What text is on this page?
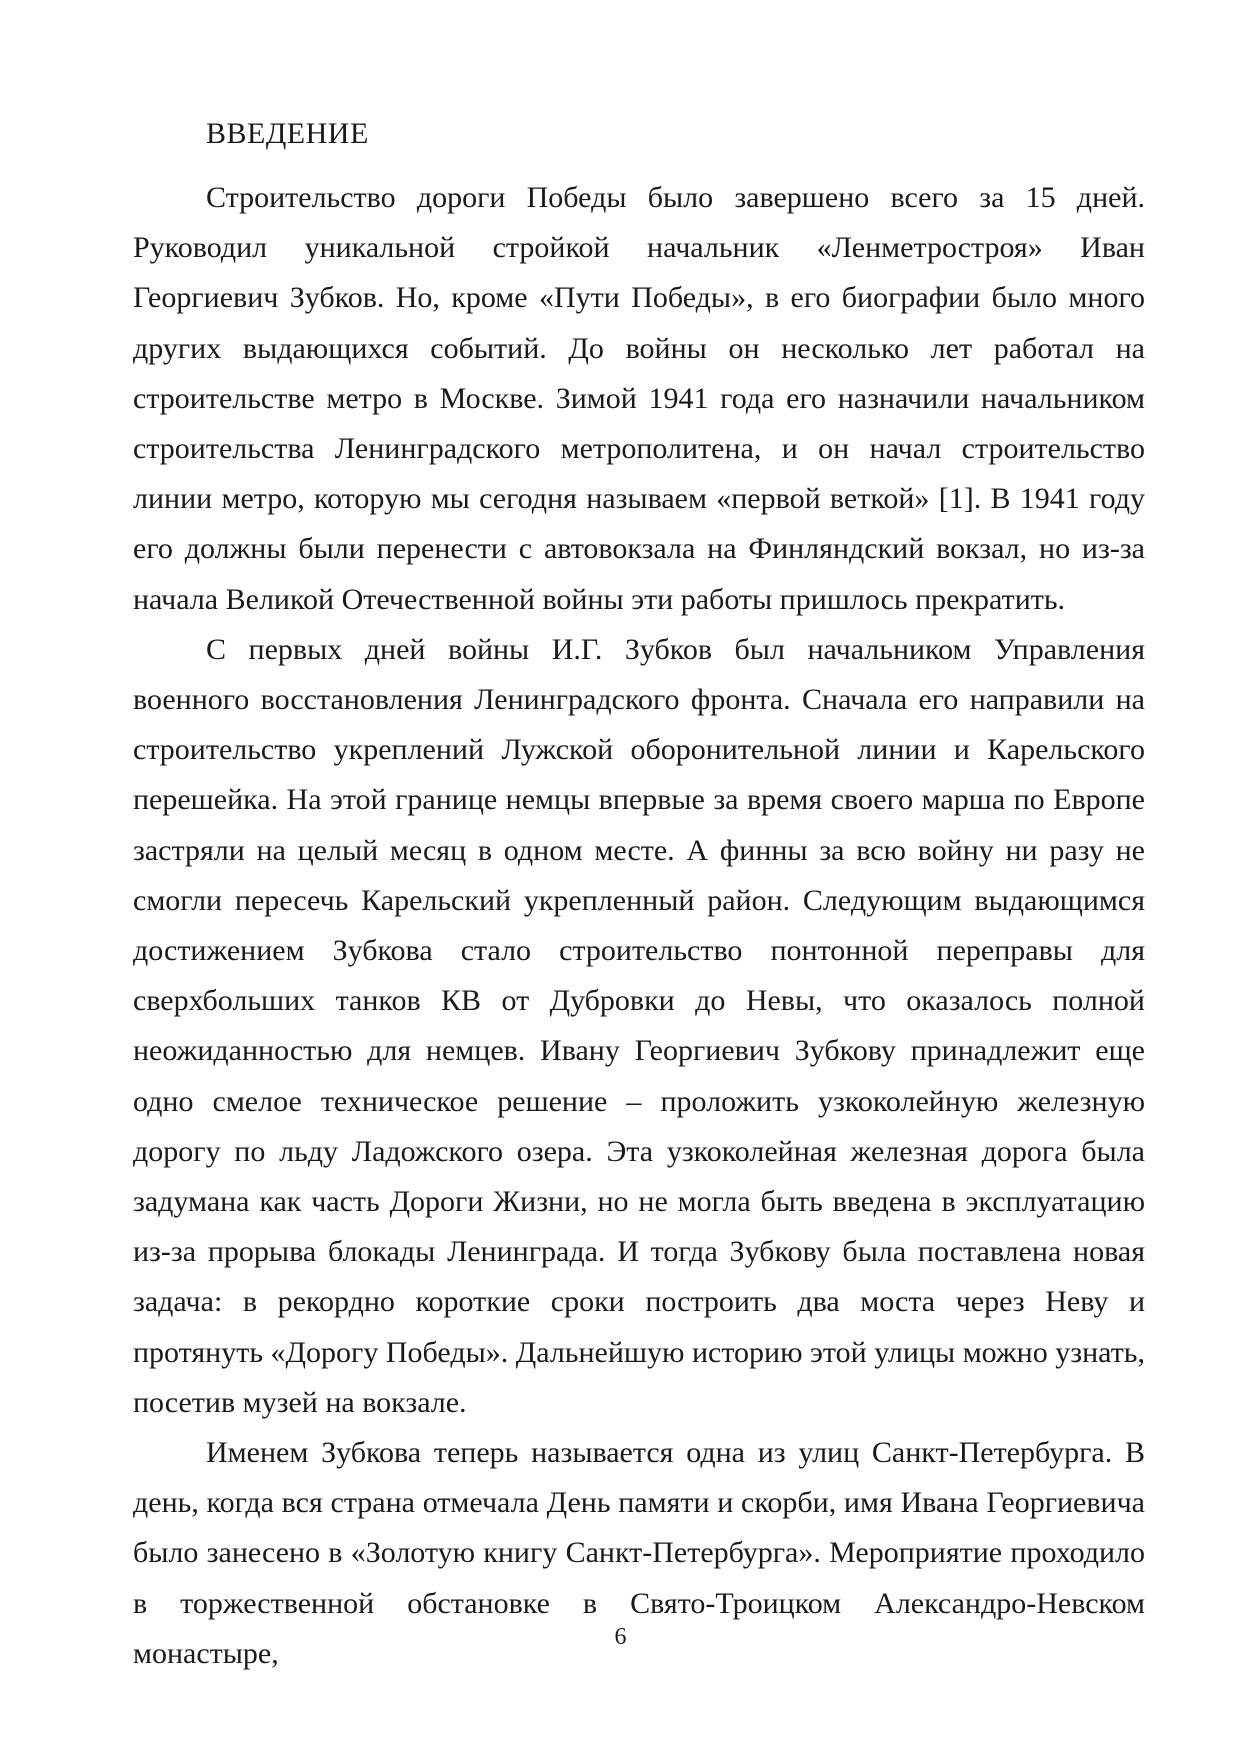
ВВЕДЕНИЕ

Строительство дороги Победы было завершено всего за 15 дней. Руководил уникальной стройкой начальник «Ленметростроя» Иван Георгиевич Зубков. Но, кроме «Пути Победы», в его биографии было много других выдающихся событий. До войны он несколько лет работал на строительстве метро в Москве. Зимой 1941 года его назначили начальником строительства Ленинградского метрополитена, и он начал строительство линии метро, которую мы сегодня называем «первой веткой» [1]. В 1941 году его должны были перенести с автовокзала на Финляндский вокзал, но из-за начала Великой Отечественной войны эти работы пришлось прекратить.

С первых дней войны И.Г. Зубков был начальником Управления военного восстановления Ленинградского фронта. Сначала его направили на строительство укреплений Лужской оборонительной линии и Карельского перешейка. На этой границе немцы впервые за время своего марша по Европе застряли на целый месяц в одном месте. А финны за всю войну ни разу не смогли пересечь Карельский укрепленный район. Следующим выдающимся достижением Зубкова стало строительство понтонной переправы для сверхбольших танков КВ от Дубровки до Невы, что оказалось полной неожиданностью для немцев. Ивану Георгиевич Зубкову принадлежит еще одно смелое техническое решение – проложить узкоколейную железную дорогу по льду Ладожского озера. Эта узкоколейная железная дорога была задумана как часть Дороги Жизни, но не могла быть введена в эксплуатацию из-за прорыва блокады Ленинграда. И тогда Зубкову была поставлена новая задача: в рекордно короткие сроки построить два моста через Неву и протянуть «Дорогу Победы». Дальнейшую историю этой улицы можно узнать, посетив музей на вокзале.

Именем Зубкова теперь называется одна из улиц Санкт-Петербурга. В день, когда вся страна отмечала День памяти и скорби, имя Ивана Георгиевича было занесено в «Золотую книгу Санкт-Петербурга». Мероприятие проходило в торжественной обстановке в Свято-Троицком Александро-Невском монастыре,	6
